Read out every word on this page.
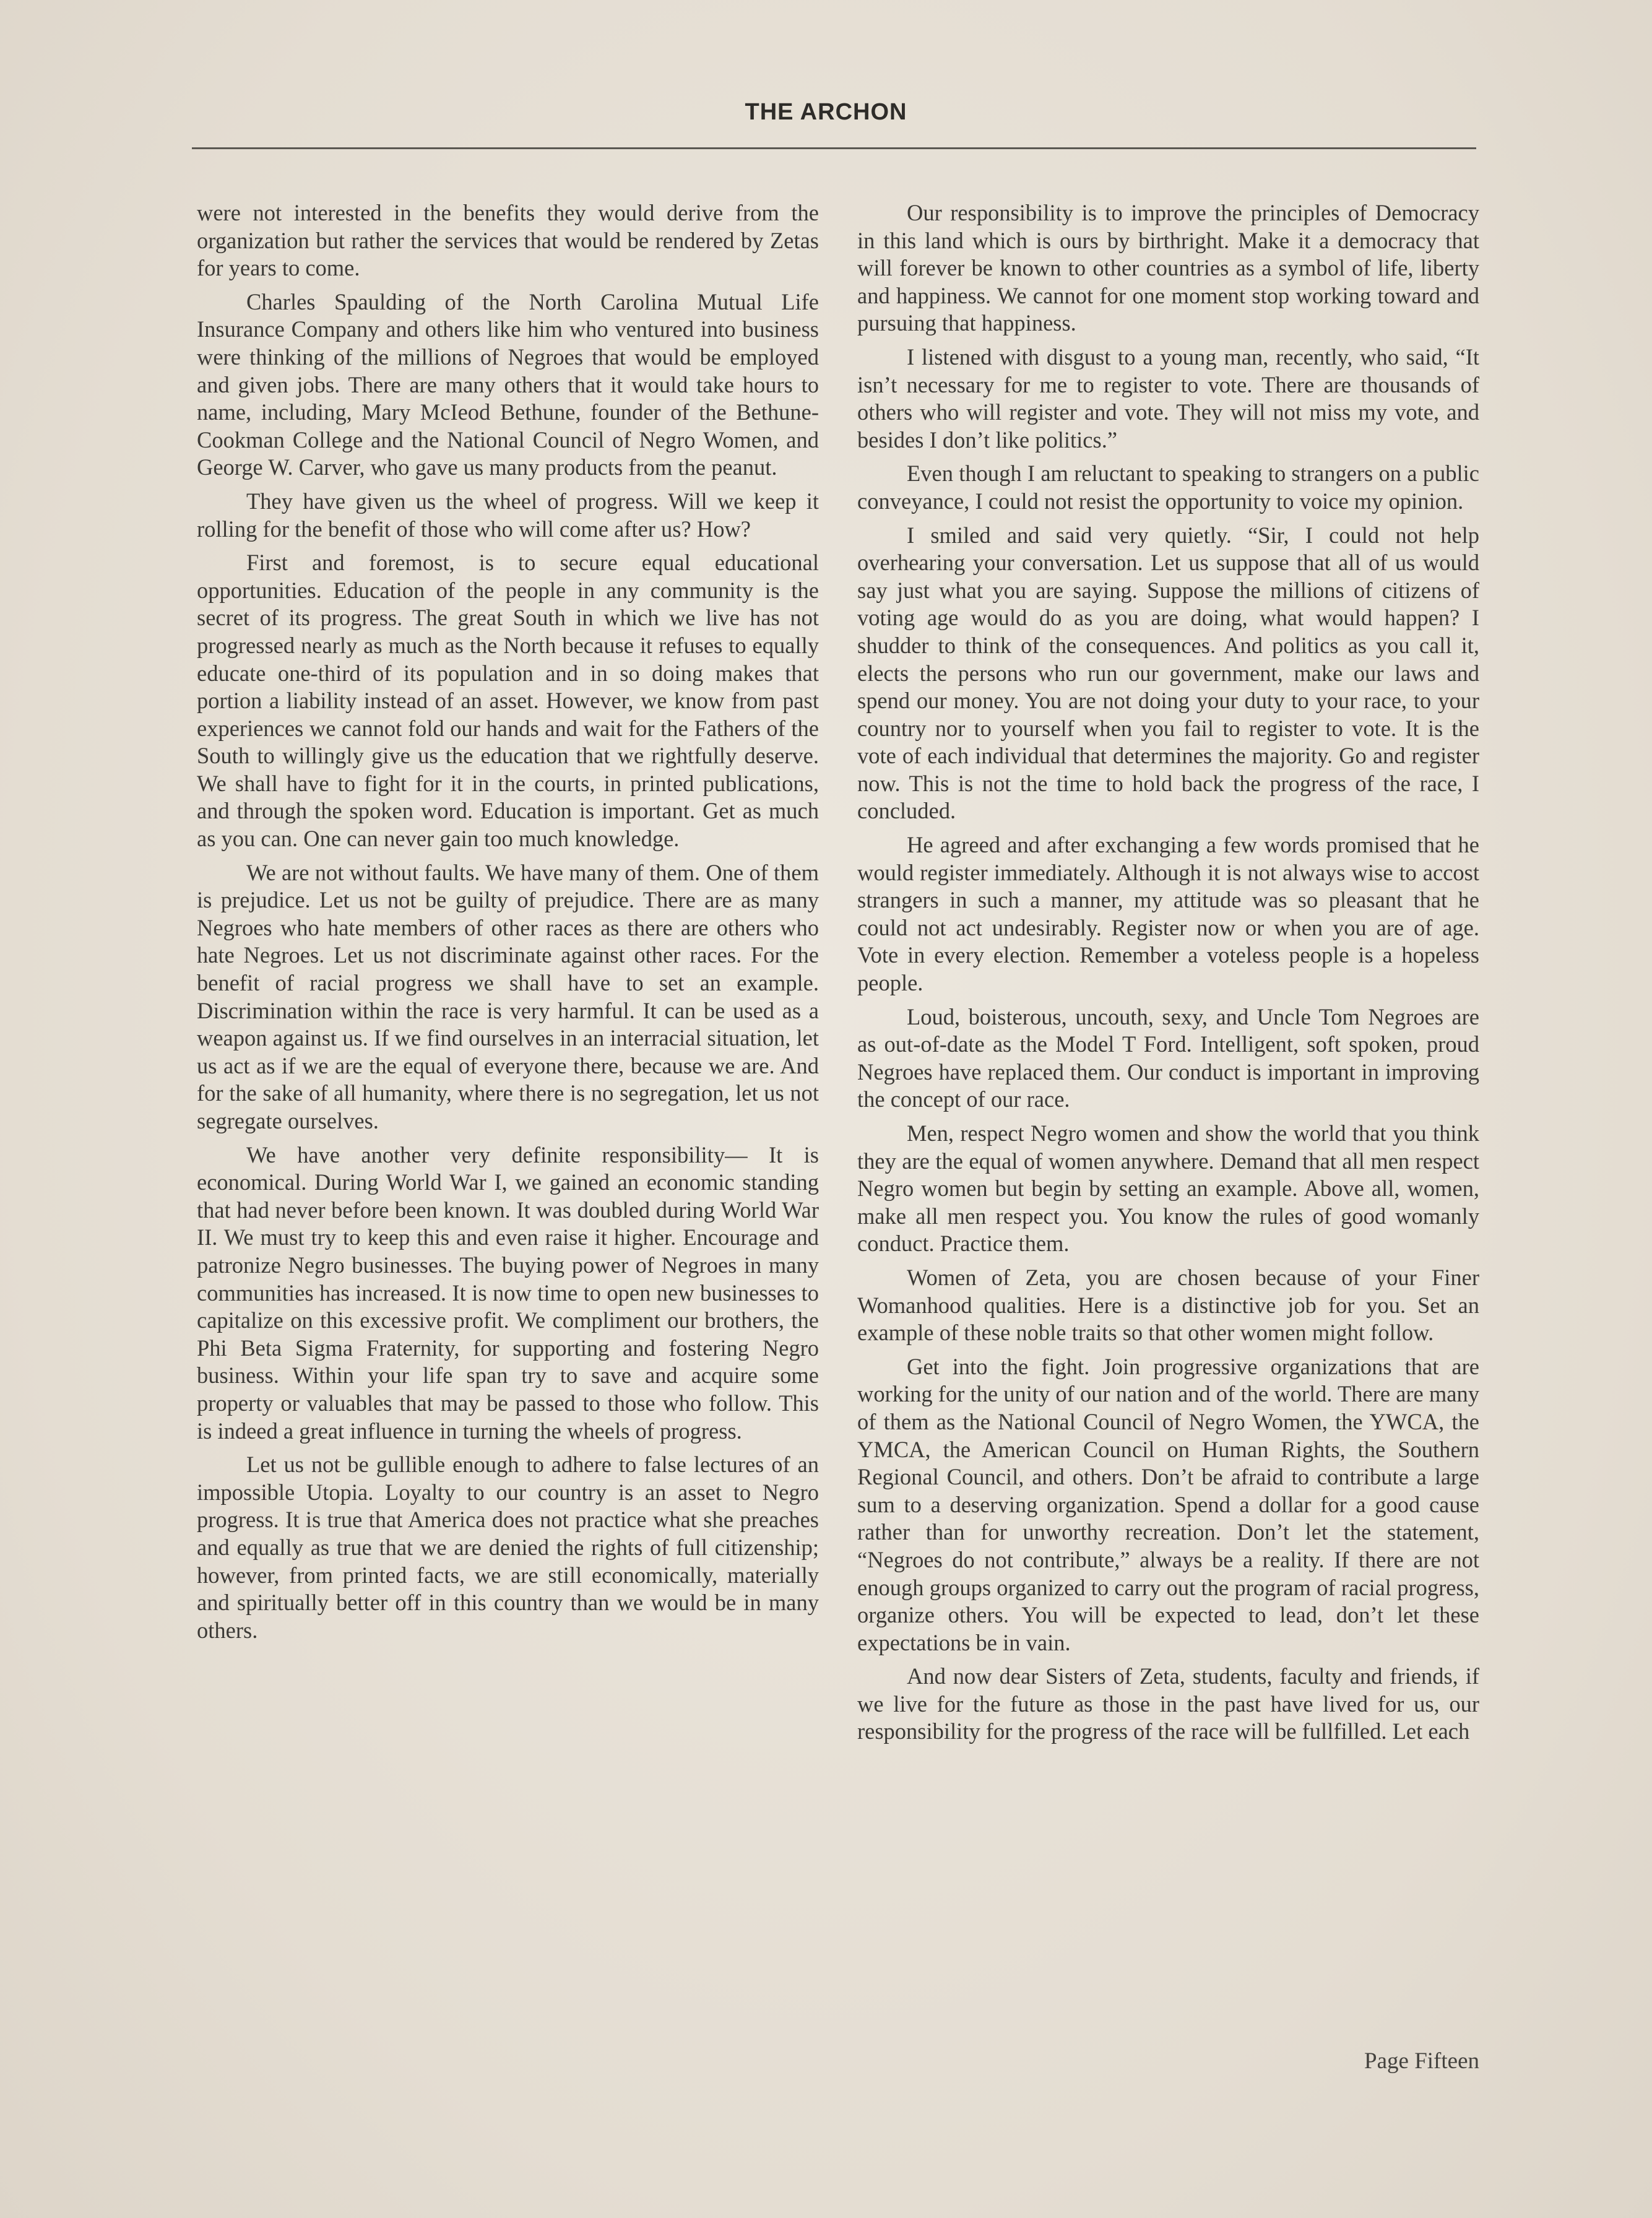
THE ARCHON

were not interested in the benefits they would derive from the organization but rather the services that would be rendered by Zetas for years to come.

Charles Spaulding of the North Carolina Mutual Life Insurance Company and others like him who ventured into business were thinking of the millions of Negroes that would be employed and given jobs. There are many others that it would take hours to name, including, Mary McIeod Bethune, founder of the Bethune-Cookman College and the National Council of Negro Women, and George W. Carver, who gave us many products from the peanut.

They have given us the wheel of progress. Will we keep it rolling for the benefit of those who will come after us? How?

First and foremost, is to secure equal educational opportunities. Education of the people in any community is the secret of its progress. The great South in which we live has not progressed nearly as much as the North because it refuses to equally educate one-third of its population and in so doing makes that portion a liability instead of an asset. However, we know from past experiences we cannot fold our hands and wait for the Fathers of the South to willingly give us the education that we rightfully deserve. We shall have to fight for it in the courts, in printed publications, and through the spoken word. Education is important. Get as much as you can. One can never gain too much knowledge.

We are not without faults. We have many of them. One of them is prejudice. Let us not be guilty of prejudice. There are as many Negroes who hate members of other races as there are others who hate Negroes. Let us not discriminate against other races. For the benefit of racial progress we shall have to set an example. Discrimination within the race is very harmful. It can be used as a weapon against us. If we find ourselves in an interracial situation, let us act as if we are the equal of everyone there, because we are. And for the sake of all humanity, where there is no segregation, let us not segregate ourselves.

We have another very definite responsibility— It is economical. During World War I, we gained an economic standing that had never before been known. It was doubled during World War II. We must try to keep this and even raise it higher. Encourage and patronize Negro businesses. The buying power of Negroes in many communities has increased. It is now time to open new businesses to capitalize on this excessive profit. We compliment our brothers, the Phi Beta Sigma Fraternity, for supporting and fostering Negro business. Within your life span try to save and acquire some property or valuables that may be passed to those who follow. This is indeed a great influence in turning the wheels of progress.

Let us not be gullible enough to adhere to false lectures of an impossible Utopia. Loyalty to our country is an asset to Negro progress. It is true that America does not practice what she preaches and equally as true that we are denied the rights of full citizenship; however, from printed facts, we are still economically, materially and spiritually better off in this country than we would be in many others.

Our responsibility is to improve the principles of Democracy in this land which is ours by birthright. Make it a democracy that will forever be known to other countries as a symbol of life, liberty and happiness. We cannot for one moment stop working toward and pursuing that happiness.

I listened with disgust to a young man, recently, who said, “It isn’t necessary for me to register to vote. There are thousands of others who will register and vote. They will not miss my vote, and besides I don’t like politics.”

Even though I am reluctant to speaking to strangers on a public conveyance, I could not resist the opportunity to voice my opinion.

I smiled and said very quietly. “Sir, I could not help overhearing your conversation. Let us suppose that all of us would say just what you are saying. Suppose the millions of citizens of voting age would do as you are doing, what would happen? I shudder to think of the consequences. And politics as you call it, elects the persons who run our government, make our laws and spend our money. You are not doing your duty to your race, to your country nor to yourself when you fail to register to vote. It is the vote of each individual that determines the majority. Go and register now. This is not the time to hold back the progress of the race, I concluded.

He agreed and after exchanging a few words promised that he would register immediately. Although it is not always wise to accost strangers in such a manner, my attitude was so pleasant that he could not act undesirably. Register now or when you are of age. Vote in every election. Remember a voteless people is a hopeless people.

Loud, boisterous, uncouth, sexy, and Uncle Tom Negroes are as out-of-date as the Model T Ford. Intelligent, soft spoken, proud Negroes have replaced them. Our conduct is important in improving the concept of our race.

Men, respect Negro women and show the world that you think they are the equal of women anywhere. Demand that all men respect Negro women but begin by setting an example. Above all, women, make all men respect you. You know the rules of good womanly conduct. Practice them.

Women of Zeta, you are chosen because of your Finer Womanhood qualities. Here is a distinctive job for you. Set an example of these noble traits so that other women might follow.

Get into the fight. Join progressive organizations that are working for the unity of our nation and of the world. There are many of them as the National Council of Negro Women, the YWCA, the YMCA, the American Council on Human Rights, the Southern Regional Council, and others. Don’t be afraid to contribute a large sum to a deserving organization. Spend a dollar for a good cause rather than for unworthy recreation. Don’t let the statement, “Negroes do not contribute,” always be a reality. If there are not enough groups organized to carry out the program of racial progress, organize others. You will be expected to lead, don’t let these expectations be in vain.

And now dear Sisters of Zeta, students, faculty and friends, if we live for the future as those in the past have lived for us, our responsibility for the progress of the race will be fullfilled. Let each

Page Fifteen
